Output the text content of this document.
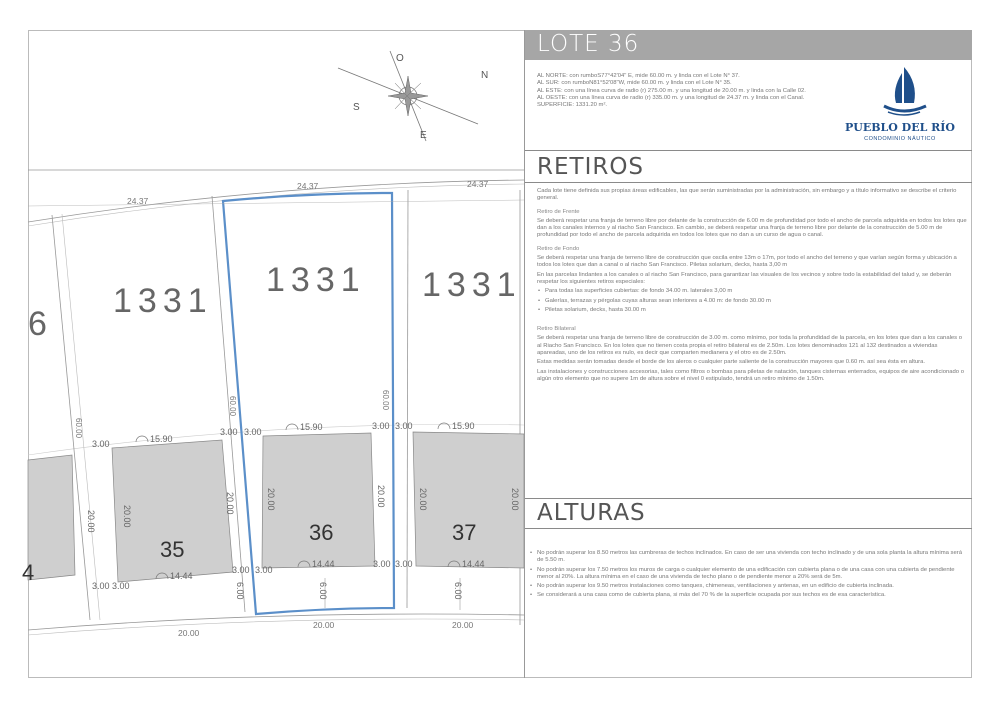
24.37
24.37	24.37
6
1331
1331 1331
60.00
60.00	60.00
3.00
3.00 3.00
3.00 3.00
3.00 3.00
3.00 3.00
3.00 3.00
15.90
15.90	15.90
14.44
14.44	14.44
20.00	20.00
20.00	20.00	20.00	20.00	20.00
4
35
36	37
6.00	6.00	6.00
20.00
20.00	20.00
O
S
N
E
LOTE 36

AL NORTE: con rumboS77°42'04" E, mide 60.00 m. y linda con el Lote N° 37.

AL SUR: con rumboN81°52'08"W, mide 60.00 m. y linda con el Lote N° 35.

AL ESTE: con una línea curva de radio (r) 275.00 m. y una longitud de 20.00 m. y linda con la Calle 02.

AL OESTE: con una línea curva de radio (r) 335.00 m. y una longitud de 24.37 m. y linda con el Canal.

SUPERFICIE: 1331.20 m².

PUEBLO DEL RÍO
CONDOMINIO NÁUTICO
RETIROS

Cada lote tiene definida sus propias áreas edificables, las que serán suministradas por la administración, sin embargo y a título informativo se describe el criterio general.

Retiro de Frente

Se deberá respetar una franja de terreno libre por delante de la construcción de 6.00 m de profundidad por todo el ancho de parcela adquirida en todos los lotes que dan a los canales internos y al riacho San Francisco. En cambio, se deberá respetar una franja de terreno libre por delante de la construcción de 5.00 m de profundidad por todo el ancho de parcela adquirida en todos los lotes que no dan a un curso de agua o canal.

Retiro de Fondo

Se deberá respetar una franja de terreno libre de construcción que oscila entre 13m o 17m, por todo el ancho del terreno y que varían según forma y ubicación a todos los lotes que dan a canal o al riacho San Francisco. Piletas solarium, decks, hasta 3,00 m

En las parcelas lindantes a los canales o al riacho San Francisco, para garantizar las visuales de los vecinos y sobre todo la estabilidad del talud y, se deberán respetar los siguientes retiros especiales:

• Para todas las superficies cubiertas: de fondo 34.00 m. laterales 3,00 m

• Galerías, terrazas y pérgolas cuyas alturas sean inferiores a 4.00 m: de fondo 30.00 m

• Piletas solarium, decks, hasta 30.00 m

Retiro Bilateral

Se deberá respetar una franja de terreno libre de construcción de 3.00 m. como mínimo, por toda la profundidad de la parcela, en los lotes que dan a los canales o al Riacho San Francisco. En los lotes que no tienen costa propia el retiro bilateral es de 2.50m. Los lotes denominados 121 al 132 destinados a viviendas apareadas, uno de los retiros es nulo, es decir que comparten medianera y el otro es de 2.50m.

Estas medidas serán tomadas desde el borde de los aleros o cualquier parte saliente de la construcción mayores que 0.60 m. así sea ésta en altura.

Las instalaciones y construcciones accesorias, tales como filtros o bombas para piletas de natación, tanques cisternas enterrados, equipos de aire acondicionado o algún otro elemento que no supere 1m de altura sobre el nivel 0 estipulado, tendrá un retiro mínimo de 1.50m.

ALTURAS

• No podrán superar los 8.50 metros las cumbreras de techos inclinados. En caso de ser una vivienda con techo inclinado y de una sola planta la altura mínima será de 5.50 m.

• No podrán superar los 7.50 metros los muros de carga o cualquier elemento de una edificación con cubierta plana o de una casa con una cubierta de pendiente menor al 20%. La altura mínima en el caso de una vivienda de techo plano o de pendiente menor a 20% será de 5m.

• No podrán superar los 9.50 metros instalaciones como tanques, chimeneas, ventilaciones y antenas, en un edificio de cubierta inclinada.

• Se considerará a una casa como de cubierta plana, si más del 70 % de la superficie ocupada por sus techos es de esa característica.
